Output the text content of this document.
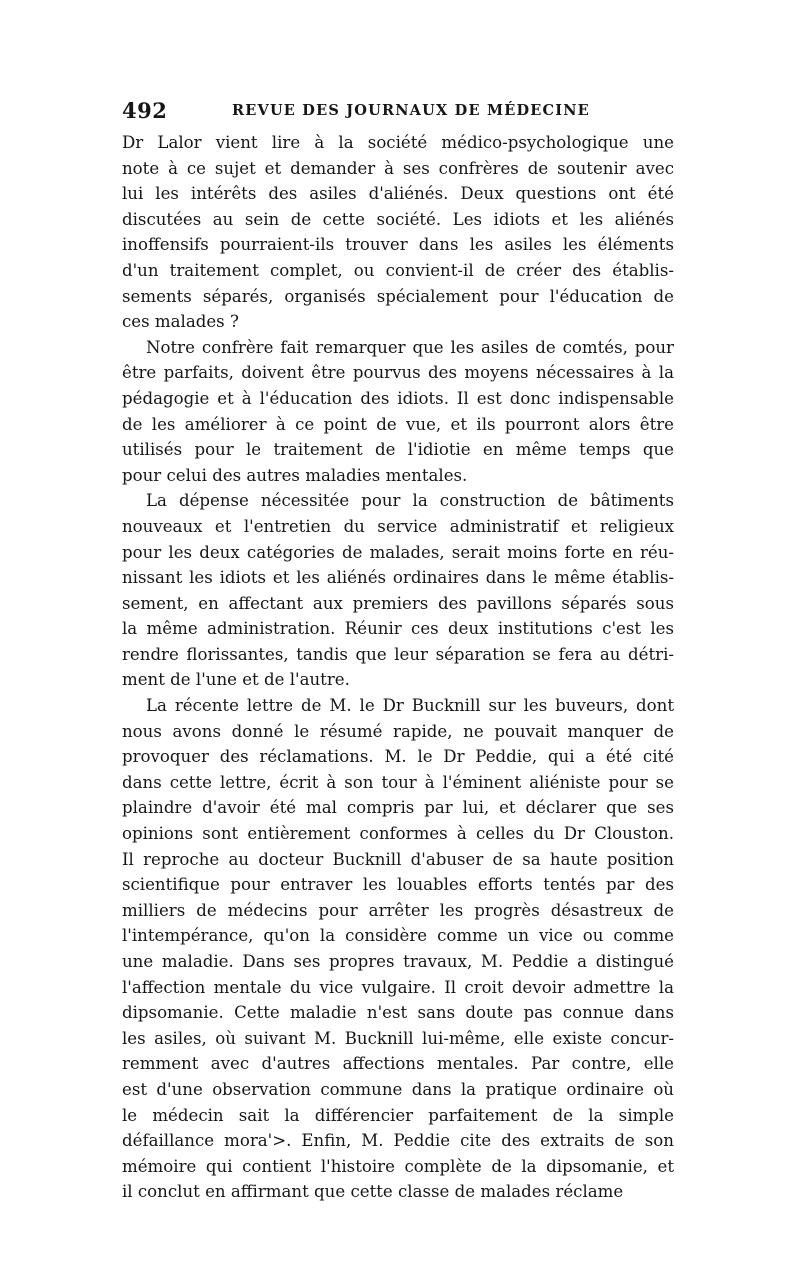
492	REVUE DES JOURNAUX DE MÉDECINE
Dr Lalor vient lire à la société médico-psychologique une
note à ce sujet et demander à ses confrères de soutenir avec
lui les intérêts des asiles d'aliénés. Deux questions ont été
discutées au sein de cette société. Les idiots et les aliénés
inoffensifs pourraient-ils trouver dans les asiles les éléments
d'un traitement complet, ou convient-il de créer des établis-
sements séparés, organisés spécialement pour l'éducation de
ces malades ?
Notre confrère fait remarquer que les asiles de comtés, pour
être parfaits, doivent être pourvus des moyens nécessaires à la
pédagogie et à l'éducation des idiots. Il est donc indispensable
de les améliorer à ce point de vue, et ils pourront alors être
utilisés pour le traitement de l'idiotie en même temps que
pour celui des autres maladies mentales.
La dépense nécessitée pour la construction de bâtiments
nouveaux et l'entretien du service administratif et religieux
pour les deux catégories de malades, serait moins forte en réu-
nissant les idiots et les aliénés ordinaires dans le même établis-
sement, en affectant aux premiers des pavillons séparés sous
la même administration. Réunir ces deux institutions c'est les
rendre florissantes, tandis que leur séparation se fera au détri-
ment de l'une et de l'autre.
La récente lettre de M. le Dr Bucknill sur les buveurs, dont
nous avons donné le résumé rapide, ne pouvait manquer de
provoquer des réclamations. M. le Dr Peddie, qui a été cité
dans cette lettre, écrit à son tour à l'éminent aliéniste pour se
plaindre d'avoir été mal compris par lui, et déclarer que ses
opinions sont entièrement conformes à celles du Dr Clouston.
Il reproche au docteur Bucknill d'abuser de sa haute position
scientifique pour entraver les louables efforts tentés par des
milliers de médecins pour arrêter les progrès désastreux de
l'intempérance, qu'on la considère comme un vice ou comme
une maladie. Dans ses propres travaux, M. Peddie a distingué
l'affection mentale du vice vulgaire. Il croit devoir admettre la
dipsomanie. Cette maladie n'est sans doute pas connue dans
les asiles, où suivant M. Bucknill lui-même, elle existe concur-
remment avec d'autres affections mentales. Par contre, elle
est d'une observation commune dans la pratique ordinaire où
le médecin sait la différencier parfaitement de la simple
défaillance mora'>. Enfin, M. Peddie cite des extraits de son
mémoire qui contient l'histoire complète de la dipsomanie, et
il conclut en affirmant que cette classe de malades réclame
